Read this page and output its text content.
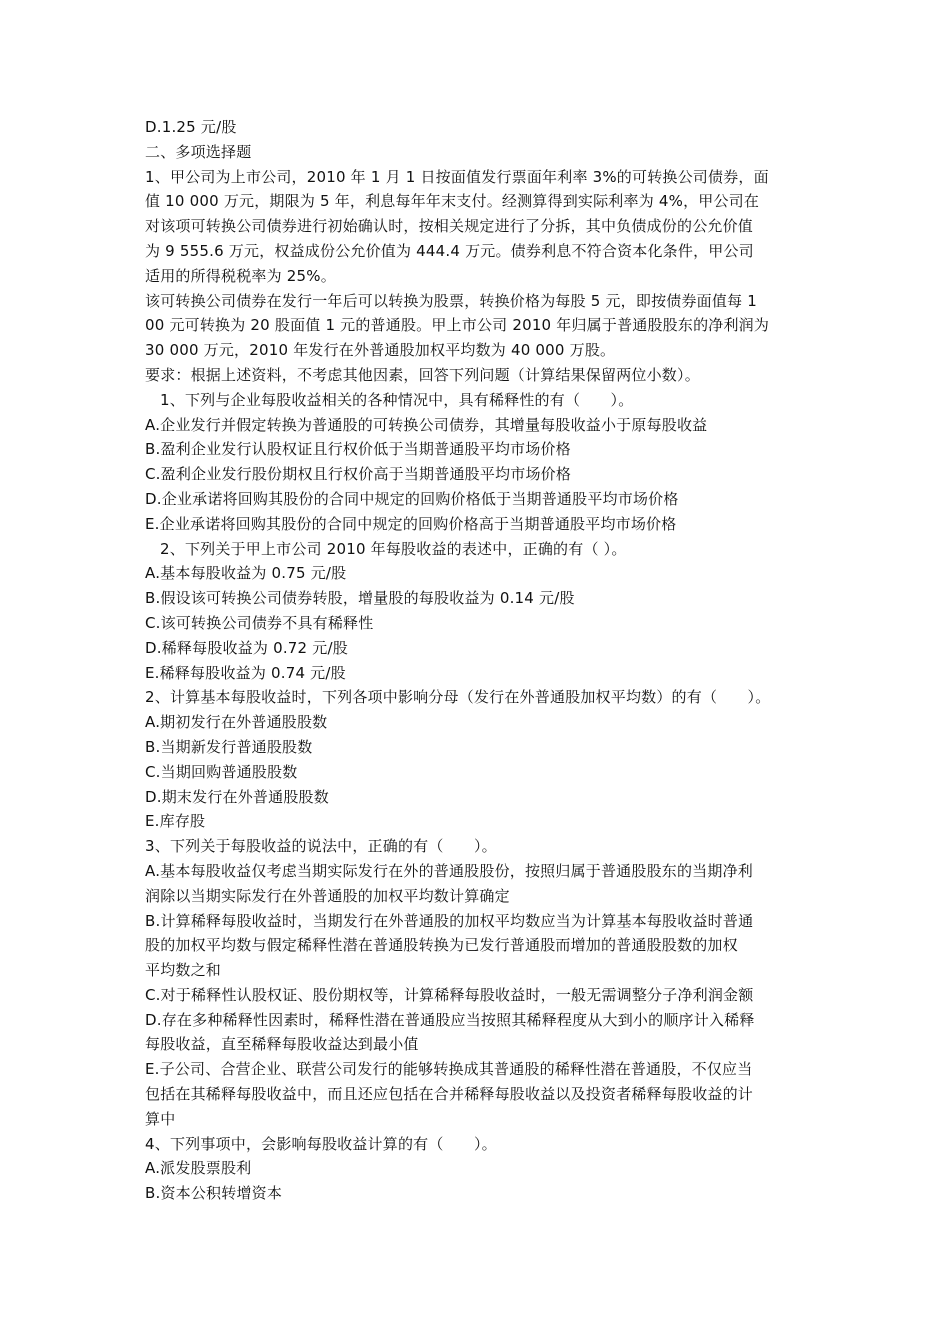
D.1.25 元/股
二、多项选择题
1、甲公司为上市公司，2010 年 1 月 1 日按面值发行票面年利率 3%的可转换公司债券，面
值 10 000 万元，期限为 5 年，利息每年年末支付。经测算得到实际利率为 4%，甲公司在
对该项可转换公司债券进行初始确认时，按相关规定进行了分拆，其中负债成份的公允价值
为 9 555.6 万元，权益成份公允价值为 444.4 万元。债券利息不符合资本化条件，甲公司
适用的所得税税率为 25%。
该可转换公司债券在发行一年后可以转换为股票，转换价格为每股 5 元，即按债券面值每 1
00 元可转换为 20 股面值 1 元的普通股。甲上市公司 2010 年归属于普通股股东的净利润为
30 000 万元，2010 年发行在外普通股加权平均数为 40 000 万股。
要求：根据上述资料，不考虑其他因素，回答下列问题（计算结果保留两位小数）。
1、下列与企业每股收益相关的各种情况中，具有稀释性的有（　　）。
A.企业发行并假定转换为普通股的可转换公司债券，其增量每股收益小于原每股收益
B.盈利企业发行认股权证且行权价低于当期普通股平均市场价格
C.盈利企业发行股份期权且行权价高于当期普通股平均市场价格
D.企业承诺将回购其股份的合同中规定的回购价格低于当期普通股平均市场价格
E.企业承诺将回购其股份的合同中规定的回购价格高于当期普通股平均市场价格
2、下列关于甲上市公司 2010 年每股收益的表述中，正确的有（ ）。
A.基本每股收益为 0.75 元/股
B.假设该可转换公司债券转股，增量股的每股收益为 0.14 元/股
C.该可转换公司债券不具有稀释性
D.稀释每股收益为 0.72 元/股
E.稀释每股收益为 0.74 元/股
2、计算基本每股收益时，下列各项中影响分母（发行在外普通股加权平均数）的有（　　）。
A.期初发行在外普通股股数
B.当期新发行普通股股数
C.当期回购普通股股数
D.期末发行在外普通股股数
E.库存股
3、下列关于每股收益的说法中，正确的有（　　）。
A.基本每股收益仅考虑当期实际发行在外的普通股股份，按照归属于普通股股东的当期净利
润除以当期实际发行在外普通股的加权平均数计算确定
B.计算稀释每股收益时，当期发行在外普通股的加权平均数应当为计算基本每股收益时普通
股的加权平均数与假定稀释性潜在普通股转换为已发行普通股而增加的普通股股数的加权
平均数之和
C.对于稀释性认股权证、股份期权等，计算稀释每股收益时，一般无需调整分子净利润金额
D.存在多种稀释性因素时，稀释性潜在普通股应当按照其稀释程度从大到小的顺序计入稀释
每股收益，直至稀释每股收益达到最小值
E.子公司、合营企业、联营公司发行的能够转换成其普通股的稀释性潜在普通股，不仅应当
包括在其稀释每股收益中，而且还应包括在合并稀释每股收益以及投资者稀释每股收益的计
算中
4、下列事项中，会影响每股收益计算的有（　　）。
A.派发股票股利
B.资本公积转增资本
